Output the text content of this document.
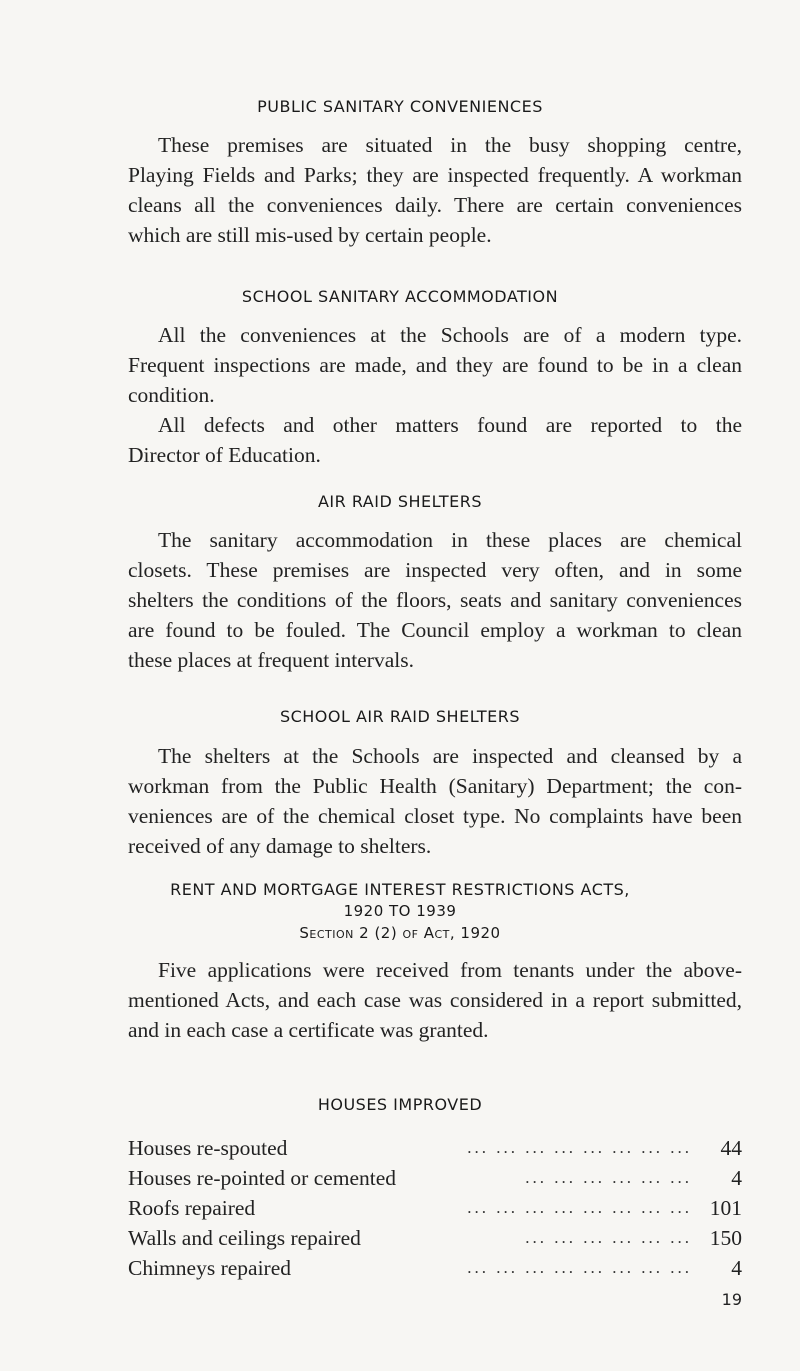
PUBLIC SANITARY CONVENIENCES
These premises are situated in the busy shopping centre,
Playing Fields and Parks; they are inspected frequently. A workman
cleans all the conveniences daily. There are certain conveniences
which are still mis-used by certain people.
SCHOOL SANITARY ACCOMMODATION
All the conveniences at the Schools are of a modern type.
Frequent inspections are made, and they are found to be in a clean
condition.
All defects and other matters found are reported to the
Director of Education.
AIR RAID SHELTERS
The sanitary accommodation in these places are chemical
closets. These premises are inspected very often, and in some
shelters the conditions of the floors, seats and sanitary conveniences
are found to be fouled. The Council employ a workman to clean
these places at frequent intervals.
SCHOOL AIR RAID SHELTERS
The shelters at the Schools are inspected and cleansed by a
workman from the Public Health (Sanitary) Department; the con-
veniences are of the chemical closet type. No complaints have been
received of any damage to shelters.
RENT AND MORTGAGE INTEREST RESTRICTIONS ACTS,
1920 TO 1939
Section 2 (2) of Act, 1920
Five applications were received from tenants under the above-
mentioned Acts, and each case was considered in a report submitted,
and in each case a certificate was granted.
HOUSES IMPROVED
Houses re-spouted	... ... ... ... ... ... ... ...	44
Houses re-pointed or cemented	... ... ... ... ... ...	4
Roofs repaired	... ... ... ... ... ... ... ... 101
Walls and ceilings repaired	... ... ... ... ... ... 150
Chimneys repaired	... ... ... ... ... ... ... ...	4
19
